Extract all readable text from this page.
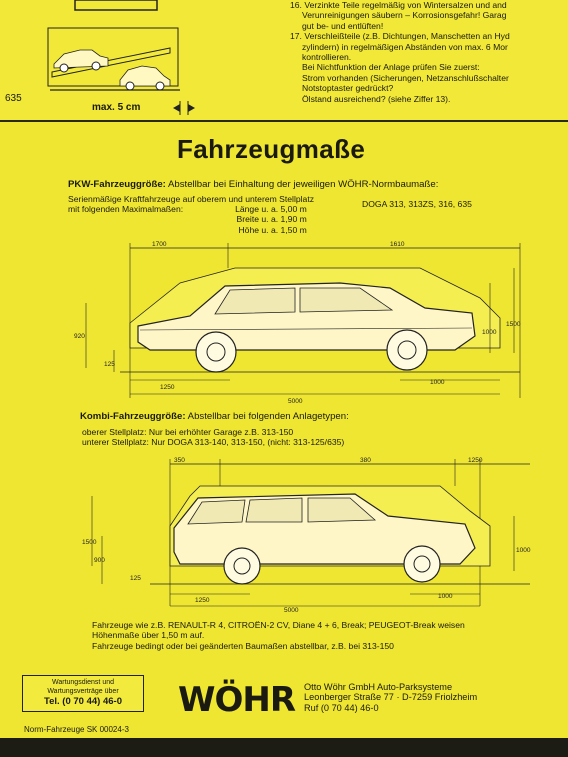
635
max. 5 cm
16. Verzinkte Teile regelmäßig von Wintersalzen und and
Verunreinigungen säubern – Korrosionsgefahr! Garag
gut be- und entlüften!
17. Verschleißteile (z.B. Dichtungen, Manschetten an Hyd
zylindern) in regelmäßigen Abständen von max. 6 Mor
kontrollieren.
Bei Nichtfunktion der Anlage prüfen Sie zuerst:
Strom vorhanden (Sicherungen, Netzanschlußschalter
Notstoptaster gedrückt?
Ölstand ausreichend? (siehe Ziffer 13).
Fahrzeugmaße
PKW-Fahrzeuggröße: Abstellbar bei Einhaltung der jeweiligen WÖHR-Normbaumaße:
Serienmäßige Kraftfahrzeuge auf oberem und unterem Stellplatz
mit folgenden Maximalmaßen:	DOGA 313, 313ZS, 316, 635
Länge u. a. 5,00 m
Breite u. a. 1,90 m
Höhe u. a. 1,50 m
1700	1610
920
125
1000
1500
1250
1000
5000
Kombi-Fahrzeuggröße: Abstellbar bei folgenden Anlagetypen:
oberer Stellplatz: Nur bei erhöhter Garage z.B. 313-150
unterer Stellplatz: Nur DOGA 313-140, 313-150, (nicht: 313-125/635)
350	380	1250
1500
900
125
1000
1250
5000
1000
Fahrzeuge wie z.B. RENAULT-R 4, CITROËN-2 CV, Diane 4 + 6, Break; PEUGEOT-Break weisen
Höhenmaße über 1,50 m auf.
Fahrzeuge bedingt oder bei geänderten Baumaßen abstellbar, z.B. bei 313-150
Wartungsdienst und
Wartungsverträge über
Tel. (0 70 44) 46-0	WÖHR Otto Wöhr GmbH Auto-Parksysteme
Leonberger Straße 77 · D-7259 Friolzheim
Ruf (0 70 44) 46-0
Norm-Fahrzeuge SK 00024-3
